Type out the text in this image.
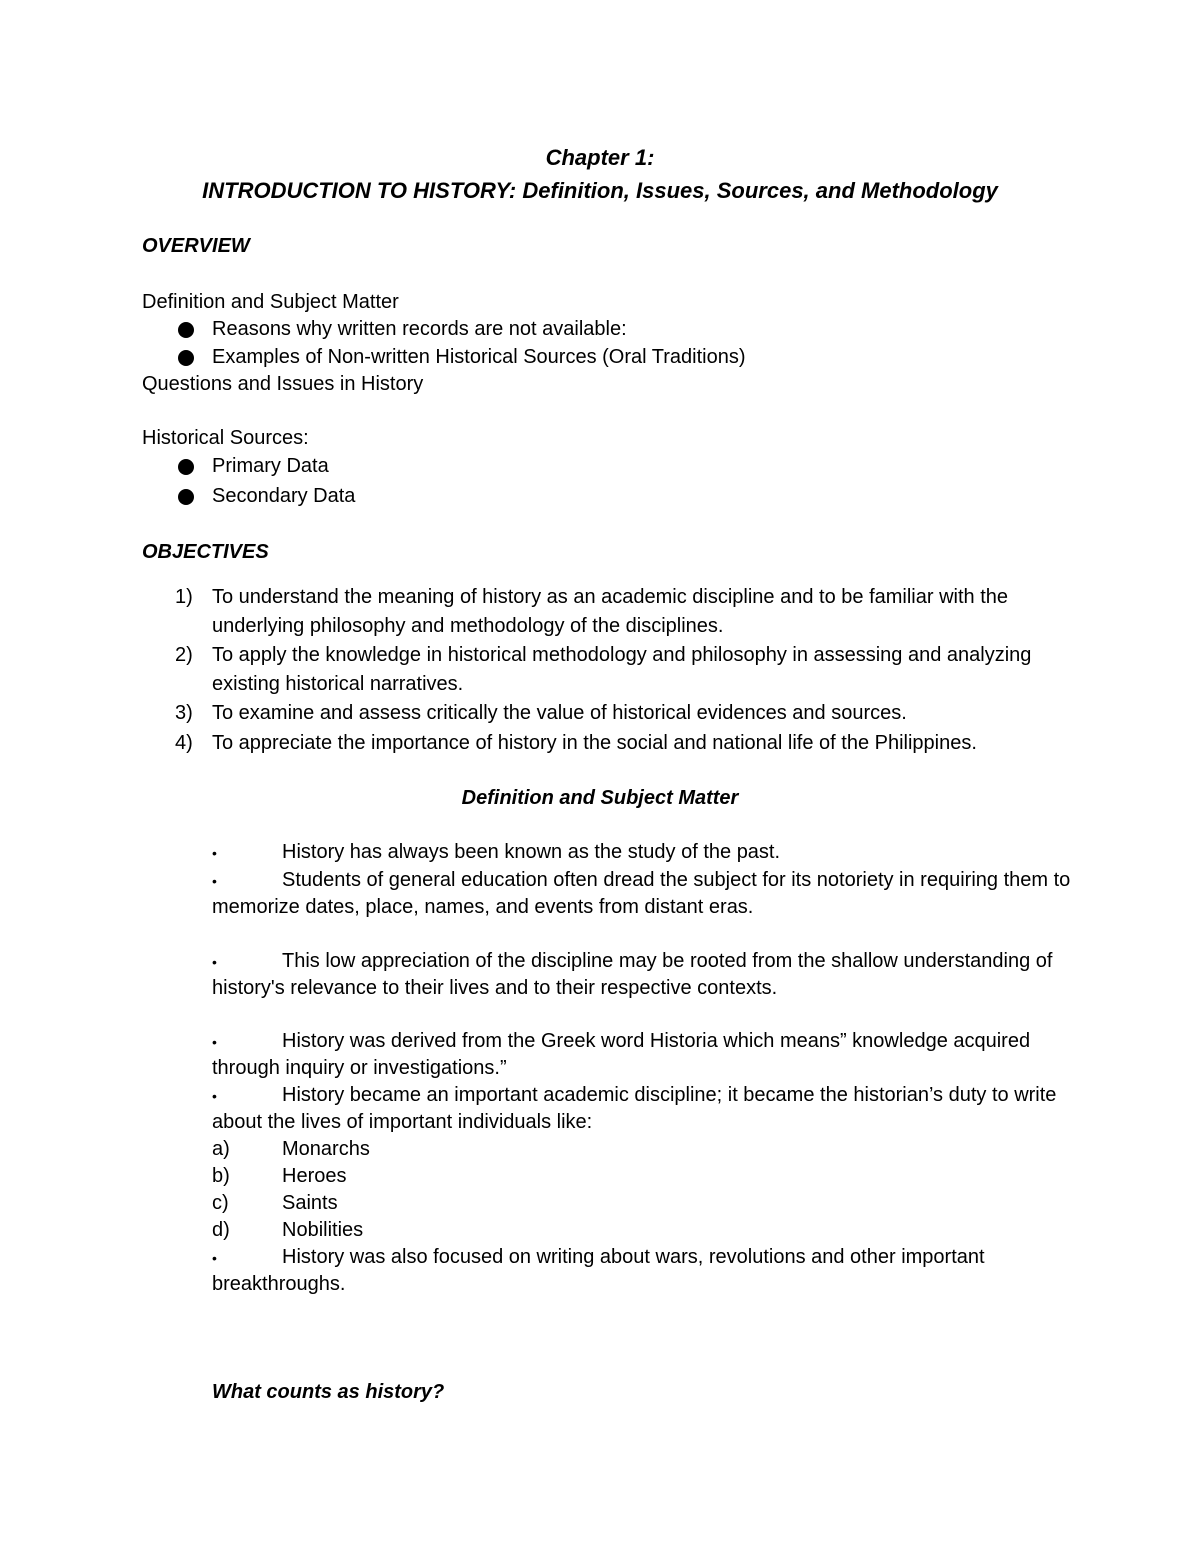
Chapter 1:
INTRODUCTION TO HISTORY: Definition, Issues, Sources, and Methodology
OVERVIEW
Definition and Subject Matter
Reasons why written records are not available:
Examples of Non-written Historical Sources (Oral Traditions)
Questions and Issues in History
Historical Sources:
Primary Data
Secondary Data
OBJECTIVES
1) To understand the meaning of history as an academic discipline and to be familiar with the
underlying philosophy and methodology of the disciplines.
2) To apply the knowledge in historical methodology and philosophy in assessing and analyzing
existing historical narratives.
3) To examine and assess critically the value of historical evidences and sources.
4) To appreciate the importance of history in the social and national life of the Philippines.
Definition and Subject Matter
•	History has always been known as the study of the past.
•	Students of general education often dread the subject for its notoriety in requiring them to
memorize dates, place, names, and events from distant eras.
•	This low appreciation of the discipline may be rooted from the shallow understanding of
history's relevance to their lives and to their respective contexts.
•	History was derived from the Greek word Historia which means” knowledge acquired
through inquiry or investigations.”
•	History became an important academic discipline; it became the historian’s duty to write
about the lives of important individuals like:
a)	Monarchs
b)	Heroes
c)	Saints
d)	Nobilities
•	History was also focused on writing about wars, revolutions and other important
breakthroughs.
What counts as history?
